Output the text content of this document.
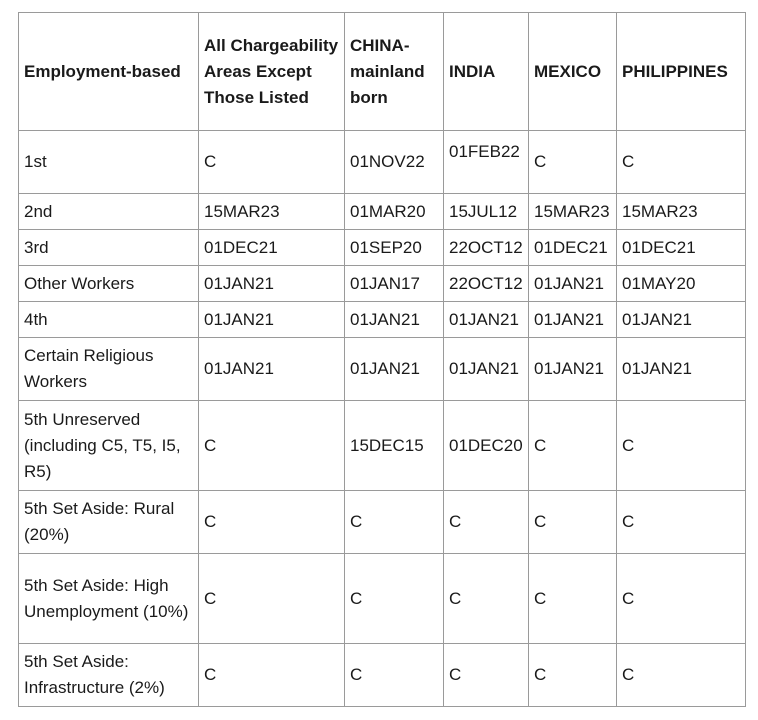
Employment-based	All Chargeability Areas Except Those Listed	CHINA-mainland born	INDIA	MEXICO	PHILIPPINES
1st	C	01NOV22	01FEB22	C	C
2nd	15MAR23	01MAR20	15JUL12	15MAR23	15MAR23
3rd	01DEC21	01SEP20	22OCT12	01DEC21	01DEC21
Other Workers	01JAN21	01JAN17	22OCT12	01JAN21	01MAY20
4th	01JAN21	01JAN21	01JAN21	01JAN21	01JAN21
Certain Religious Workers	01JAN21	01JAN21	01JAN21	01JAN21	01JAN21
5th Unreserved (including C5, T5, I5, R5)	C	15DEC15	01DEC20	C	C
5th Set Aside: Rural (20%)	C	C	C	C	C
5th Set Aside: High Unemployment (10%)	C	C	C	C	C
5th Set Aside: Infrastructure (2%)	C	C	C	C	C
